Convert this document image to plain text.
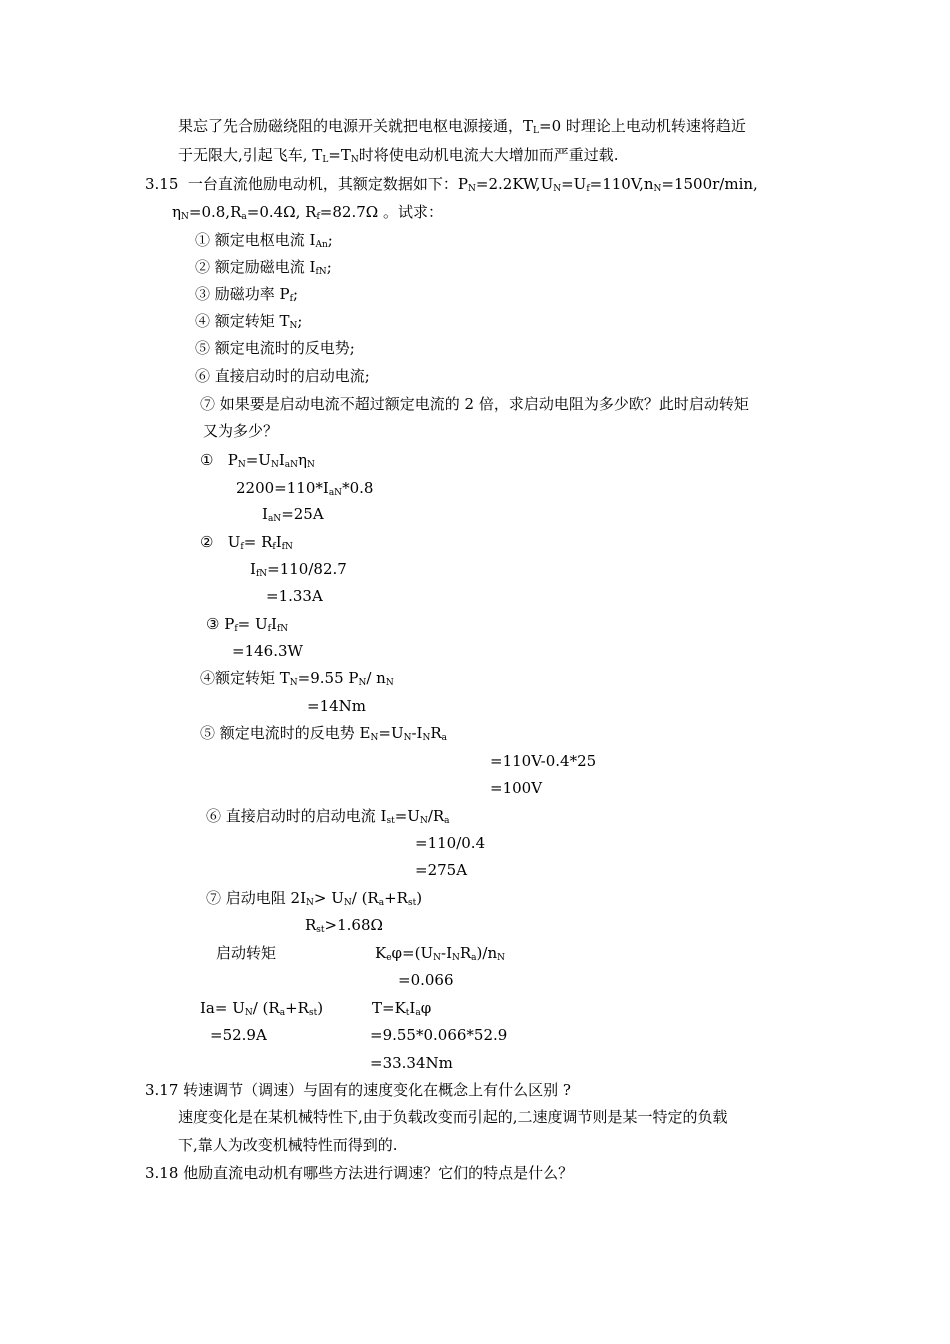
果忘了先合励磁绕阻的电源开关就把电枢电源接通，$T_L=0$ 时理论上电动机转速将趋近
于无限大,引起飞车, $T_L=T_N$时将使电动机电流大大增加而严重过载.
3.15  一台直流他励电动机，其额定数据如下：$P_N=2.2KW,U_N=U_f=110V,n_N=1500r/\min$,
$\eta_N=0.8,R_a=0.4\Omega$, $R_f=82.7\Omega$ 。试求：
① 额定电枢电流 $I_{An}$;
② 额定励磁电流 $I_{fN}$;
③ 励磁功率 $P_f$;
④ 额定转矩 $T_N$;
⑤ 额定电流时的反电势;
⑥ 直接启动时的启动电流;
⑦ 如果要是启动电流不超过额定电流的 2 倍，求启动电阻为多少欧？此时启动转矩
又为多少？
①   $P_N=U_NI_{aN}\eta_N$
$2200=110*I_{aN}*0.8$
$I_{aN}=25A$
②   $U_f= R_fI_{fN}$
$I_{fN}=110/82.7$
=1.33A
③ $P_f= U_fI_{fN}$
=146.3W
④额定转矩 $T_N=9.55$ $P_N/$ $n_N$
=14Nm
⑤ 额定电流时的反电势 $E_N=U_N-I_NR_a$
=110V-0.4*25
=100V
⑥ 直接启动时的启动电流 $I_{st}=U_N/R_a$
=110/0.4
=275A
⑦ 启动电阻 $2I_N> U_N/$ $(R_a+R_{st})$
$R_{st}>1.68\Omega$
启动转矩	$K_e\varphi=(U_N-I_NR_a)/n_N$
=0.066
$Ia= U_N/$ $(R_a+R_{st})$	$T=K_tI_a\varphi$
=52.9A	=9.55*0.066*52.9
=33.34Nm
3.17 转速调节（调速）与固有的速度变化在概念上有什么区别 ?
速度变化是在某机械特性下,由于负载改变而引起的,二速度调节则是某一特定的负载
下,靠人为改变机械特性而得到的.
3.18 他励直流电动机有哪些方法进行调速？它们的特点是什么？
